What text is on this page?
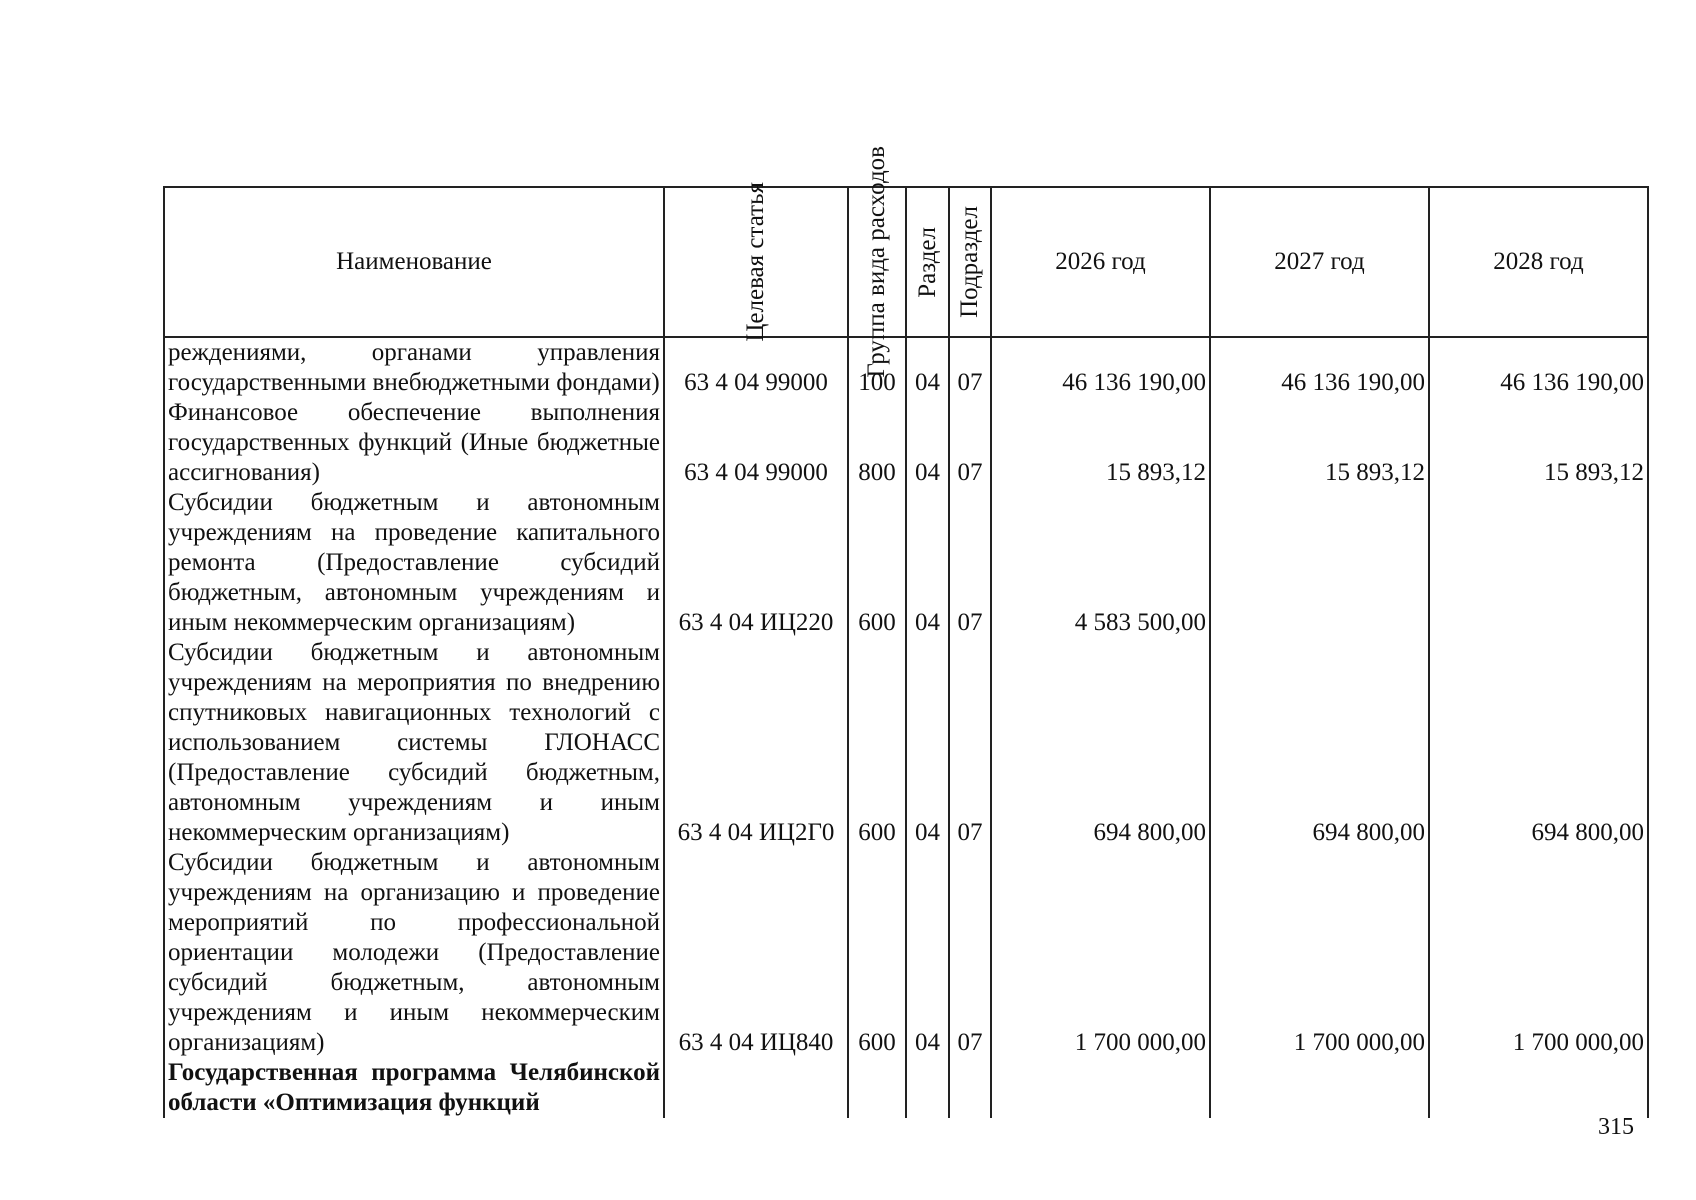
Наименование	Целевая статья	Группа вида расходов	Раздел	Подраздел	2026 год	2027 год	2028 год
реждениями, органами управления государственными внебюджетными фондами)	63 4 04 99000	100	04	07	46 136 190,00	46 136 190,00	46 136 190,00
Финансовое обеспечение выполнения государственных функций (Иные бюджетные ассигнования)	63 4 04 99000	800	04	07	15 893,12	15 893,12	15 893,12
Субсидии бюджетным и автономным учреждениям на проведение капитального ремонта (Предоставление субсидий бюджетным, автономным учреждениям и иным некоммерческим организациям)	63 4 04 ИЦ220	600	04	07	4 583 500,00		
Субсидии бюджетным и автономным учреждениям на мероприятия по внедрению спутниковых навигационных технологий с использованием системы ГЛОНАСС (Предоставление субсидий бюджетным, автономным учреждениям и иным некоммерческим организациям)	63 4 04 ИЦ2Г0	600	04	07	694 800,00	694 800,00	694 800,00
Субсидии бюджетным и автономным учреждениям на организацию и проведение мероприятий по профессиональной ориентации молодежи (Предоставление субсидий бюджетным, автономным учреждениям и иным некоммерческим организациям)	63 4 04 ИЦ840	600	04	07	1 700 000,00	1 700 000,00	1 700 000,00
Государственная программа Челябинской области «Оптимизация функций							
315
